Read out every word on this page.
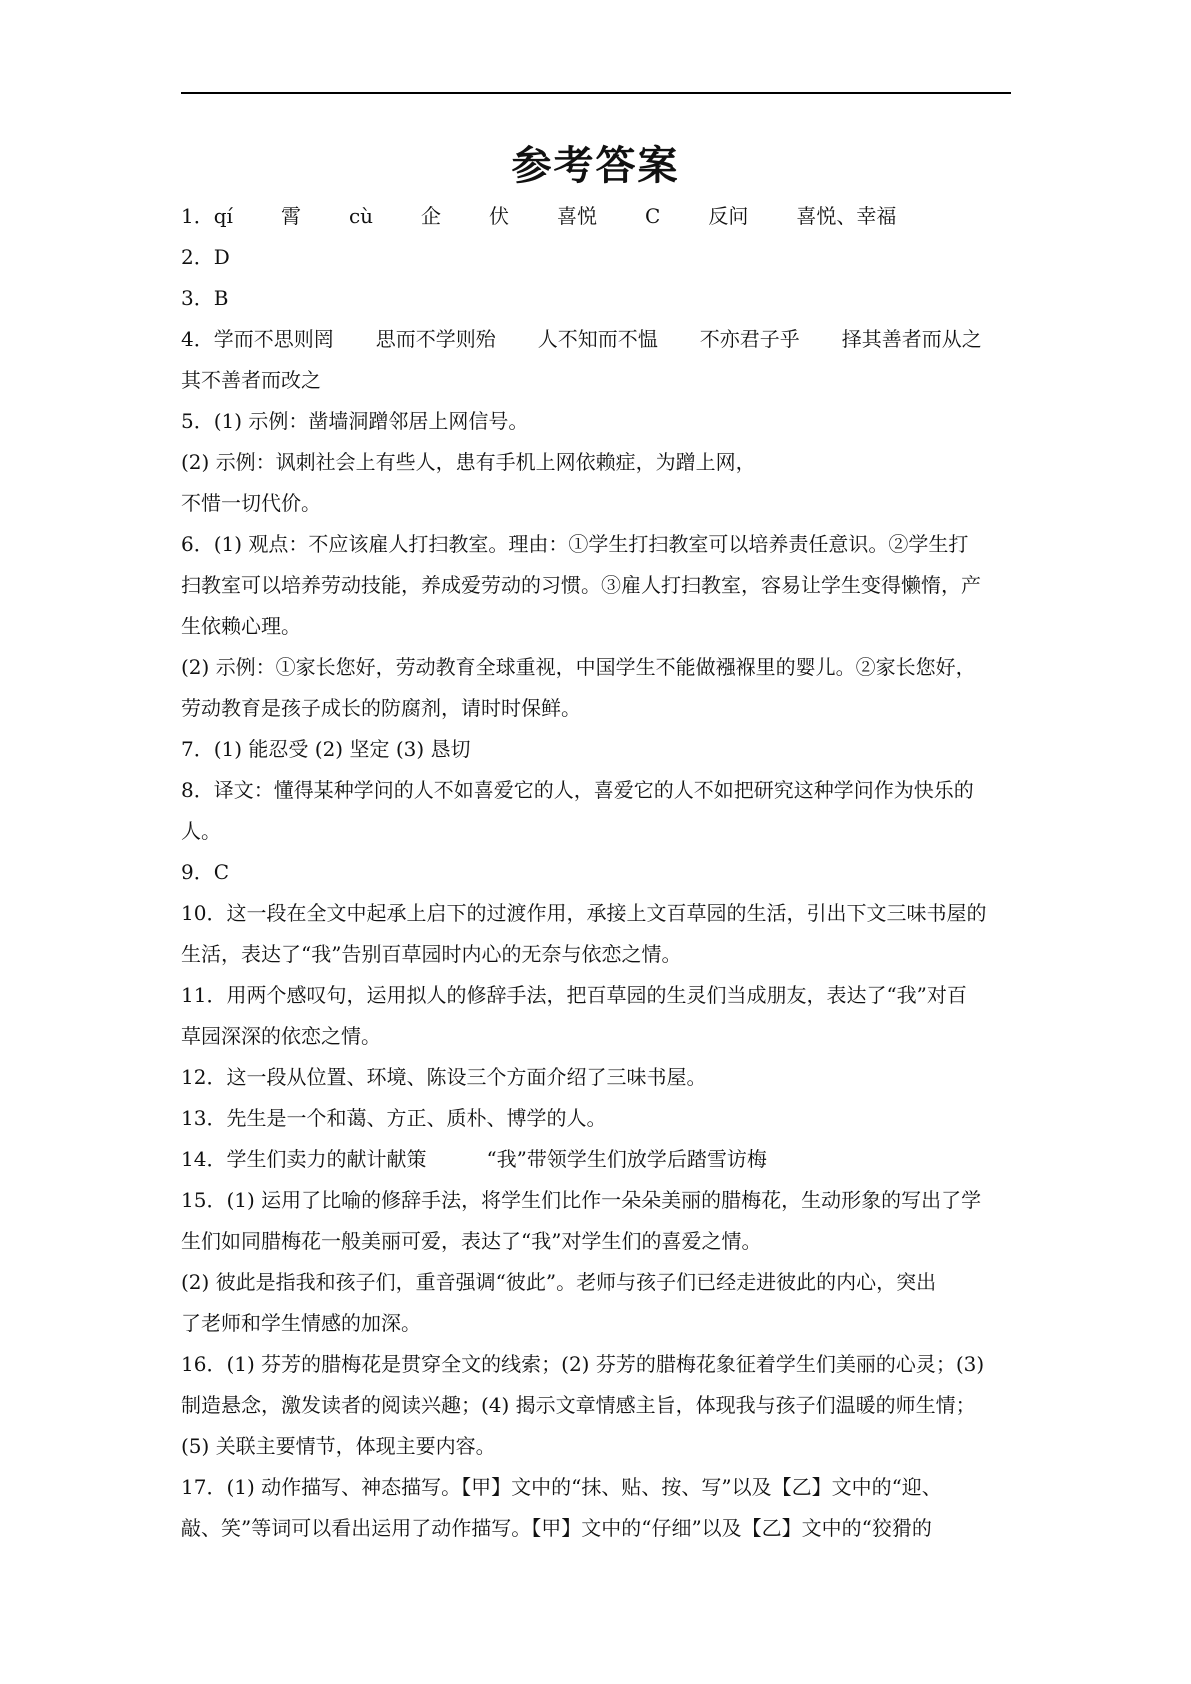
参考答案
1．qí 霄 cù 企 伏 喜悦 C 反问 喜悦、幸福
2．D
3．B
4．学而不思则罔 思而不学则殆 人不知而不愠 不亦君子乎 择其善者而从之
其不善者而改之
5．(1) 示例：凿墙洞蹭邻居上网信号。
(2) 示例：讽刺社会上有些人，患有手机上网依赖症，为蹭上网，
不惜一切代价。
6．(1) 观点：不应该雇人打扫教室。理由：①学生打扫教室可以培养责任意识。②学生打
扫教室可以培养劳动技能，养成爱劳动的习惯。③雇人打扫教室，容易让学生变得懒惰，产
生依赖心理。
(2) 示例：①家长您好，劳动教育全球重视，中国学生不能做襁褓里的婴儿。②家长您好，
劳动教育是孩子成长的防腐剂，请时时保鲜。
7．(1) 能忍受 (2) 坚定 (3) 恳切
8．译文：懂得某种学问的人不如喜爱它的人，喜爱它的人不如把研究这种学问作为快乐的
人。
9．C
10．这一段在全文中起承上启下的过渡作用，承接上文百草园的生活，引出下文三味书屋的
生活，表达了“我”告别百草园时内心的无奈与依恋之情。
11．用两个感叹句，运用拟人的修辞手法，把百草园的生灵们当成朋友，表达了“我”对百
草园深深的依恋之情。
12．这一段从位置、环境、陈设三个方面介绍了三味书屋。
13．先生是一个和蔼、方正、质朴、博学的人。
14．学生们卖力的献计献策	“我”带领学生们放学后踏雪访梅
15．(1) 运用了比喻的修辞手法，将学生们比作一朵朵美丽的腊梅花，生动形象的写出了学
生们如同腊梅花一般美丽可爱，表达了“我”对学生们的喜爱之情。
(2) 彼此是指我和孩子们，重音强调“彼此”。老师与孩子们已经走进彼此的内心，突出
了老师和学生情感的加深。
16．(1) 芬芳的腊梅花是贯穿全文的线索；(2) 芬芳的腊梅花象征着学生们美丽的心灵；(3)
制造悬念，激发读者的阅读兴趣；(4) 揭示文章情感主旨，体现我与孩子们温暖的师生情；
(5) 关联主要情节，体现主要内容。
17．(1) 动作描写、神态描写。【甲】文中的“抹、贴、按、写”以及【乙】文中的“迎、
敲、笑”等词可以看出运用了动作描写。【甲】文中的“仔细”以及【乙】文中的“狡猾的
